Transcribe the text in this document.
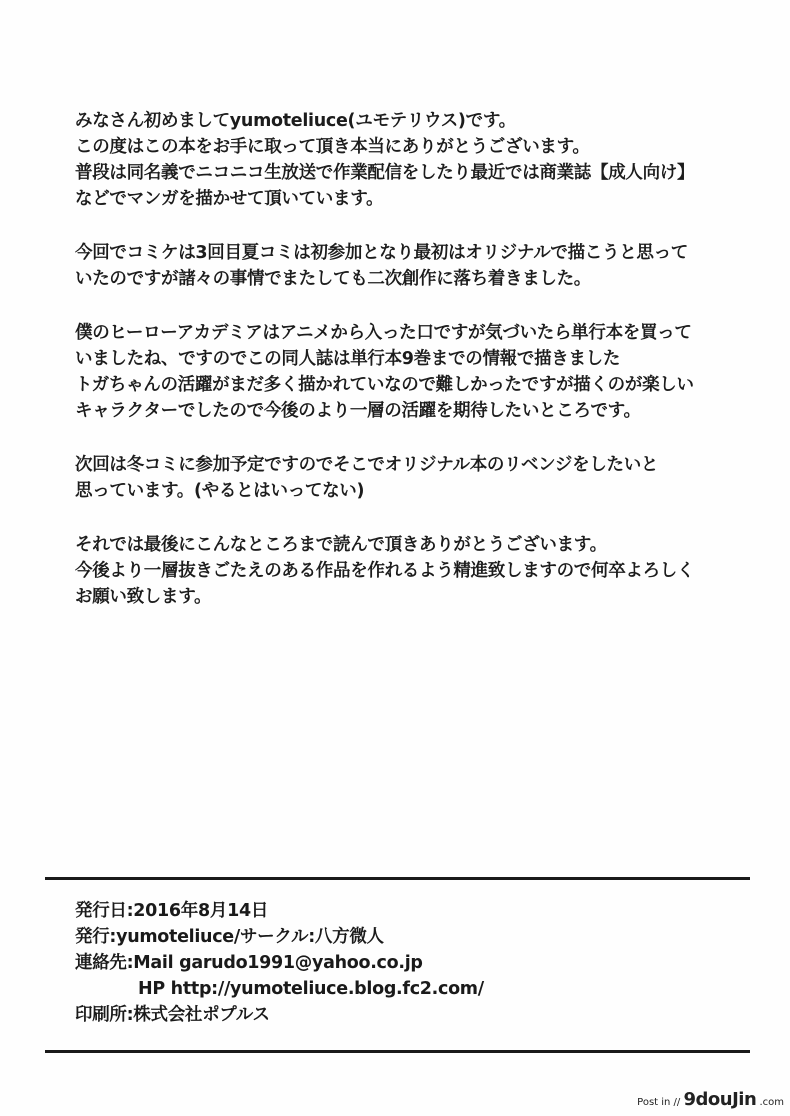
みなさん初めましてyumoteliuce(ユモテリウス)です。
この度はこの本をお手に取って頂き本当にありがとうございます。
普段は同名義でニコニコ生放送で作業配信をしたり最近では商業誌【成人向け】
などでマンガを描かせて頂いています。
今回でコミケは3回目夏コミは初参加となり最初はオリジナルで描こうと思って
いたのですが諸々の事情でまたしても二次創作に落ち着きました。
僕のヒーローアカデミアはアニメから入った口ですが気づいたら単行本を買って
いましたね、ですのでこの同人誌は単行本9巻までの情報で描きました
トガちゃんの活躍がまだ多く描かれていなので難しかったですが描くのが楽しい
キャラクターでしたので今後のより一層の活躍を期待したいところです。
次回は冬コミに参加予定ですのでそこでオリジナル本のリベンジをしたいと
思っています。(やるとはいってない)
それでは最後にこんなところまで読んで頂きありがとうございます。
今後より一層抜きごたえのある作品を作れるよう精進致しますので何卒よろしく
お願い致します。
発行日:2016年8月14日
発行:yumoteliuce/サークル:八方微人
連絡先:Mail garudo1991@yahoo.co.jp
HP http://yumoteliuce.blog.fc2.com/
印刷所:株式会社ポプルス
Post in // 9douJin .com
